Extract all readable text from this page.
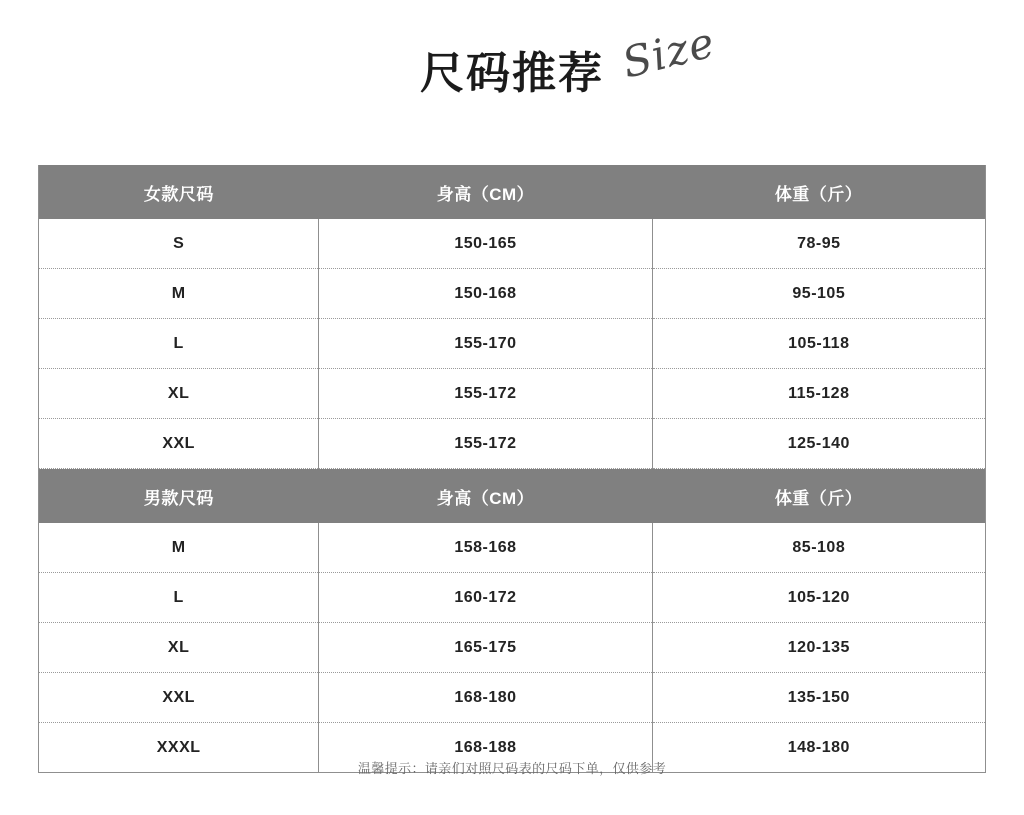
尺码推荐 Size
女款尺码	身高（CM）	体重（斤）
S	150-165	78-95
M	150-168	95-105
L	155-170	105-118
XL	155-172	115-128
XXL	155-172	125-140
男款尺码	身高（CM）	体重（斤）
M	158-168	85-108
L	160-172	105-120
XL	165-175	120-135
XXL	168-180	135-150
XXXL	168-188	148-180
温馨提示：请亲们对照尺码表的尺码下单，仅供参考
